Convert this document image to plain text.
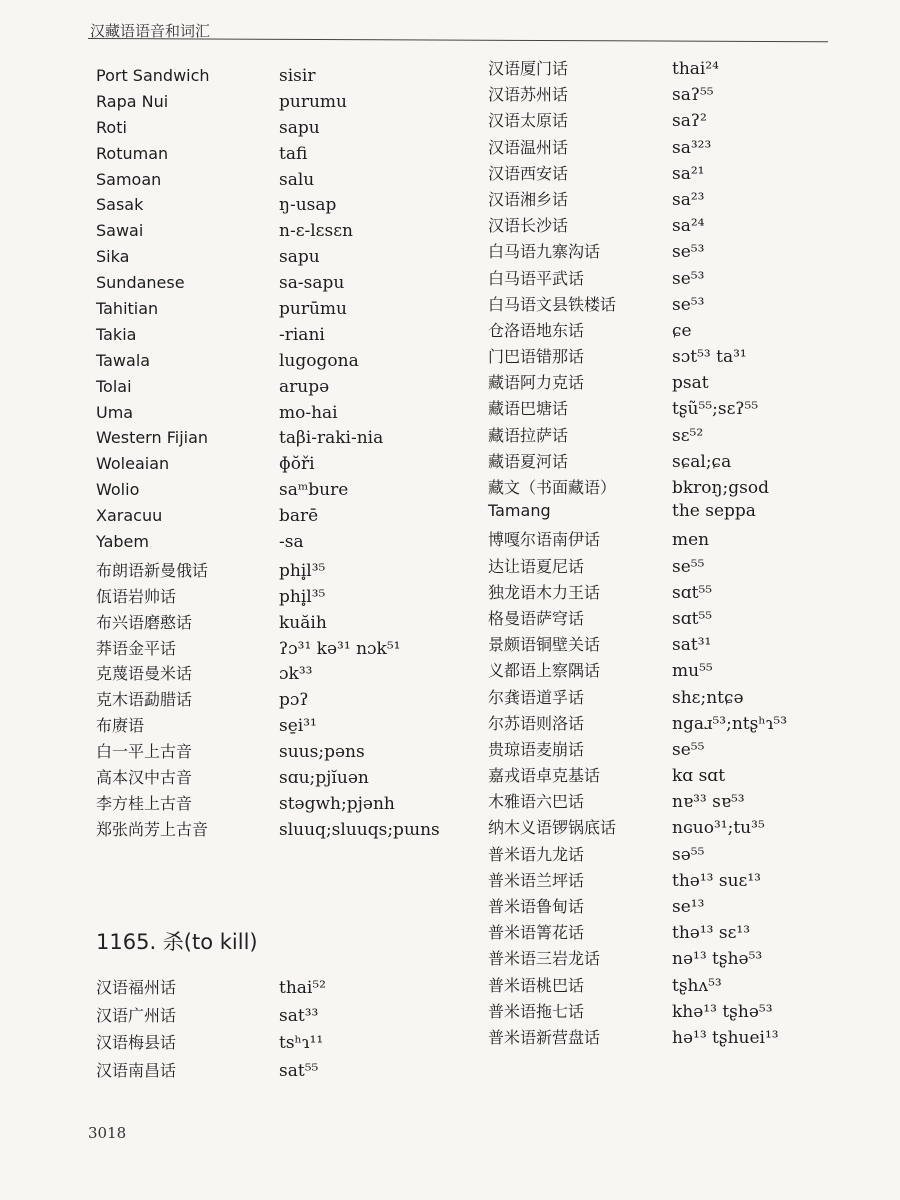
汉藏语语音和词汇
Port Sandwich	sisir
Rapa Nui	purumu
Roti	sapu
Rotuman	tafi
Samoan	salu
Sasak	ŋ-usap
Sawai	n-ɛ-lɛsɛn
Sika	sapu
Sundanese	sa-sapu
Tahitian	purūmu
Takia	-riani
Tawala	lugogona
Tolai	arupə
Uma	mo-hai
Western Fijian	taβi-raki-nia
Woleaian	ɸŏři
Wolio	saᵐbure
Xaracuu	barē
Yabem	-sa
布朗语新曼俄话	phi̥l³⁵
佤语岩帅话	phi̥l³⁵
布兴语磨憨话	kuăih
莽语金平话	ʔɔ³¹ kə³¹ nɔk⁵¹
克蔑语曼米话	ɔk³³
克木语勐腊话	pɔʔ
布赓语	se̱i³¹
白一平上古音	suus;pəns
高本汉中古音	sɑu;pjĭuən
李方桂上古音	stəgwh;pjənh
郑张尚芳上古音	sluuq;sluuqs;pɯns
1165. 杀(to kill)
汉语福州话	thai⁵²
汉语广州话	sat³³
汉语梅县话	tsʰɿ¹¹
汉语南昌话	sat⁵⁵
汉语厦门话	thai²⁴
汉语苏州话	saʔ⁵⁵
汉语太原话	saʔ²
汉语温州话	sa³²³
汉语西安话	sa²¹
汉语湘乡话	sa²³
汉语长沙话	sa²⁴
白马语九寨沟话	se⁵³
白马语平武话	se⁵³
白马语文县铁楼话	se⁵³
仓洛语地东话	ɕe
门巴语错那话	sɔt⁵³ ta³¹
藏语阿力克话	psat
藏语巴塘话	tʂũ⁵⁵;sɛʔ⁵⁵
藏语拉萨话	sɛ⁵²
藏语夏河话	sɕal;ɕa
藏文（书面藏语）	bkroŋ;gsod
Tamang	the seppa
博嘎尔语南伊话	men
达让语夏尼话	se⁵⁵
独龙语木力王话	sɑt⁵⁵
格曼语萨穹话	sɑt⁵⁵
景颇语铜壁关话	sat³¹
义都语上察隅话	mu⁵⁵
尔龚语道孚话	shɛ;ntɕə
尔苏语则洛话	ngaɹ⁵³;ntʂʰɿ⁵³
贵琼语麦崩话	se⁵⁵
嘉戎语卓克基话	kɑ sɑt
木雅语六巴话	nɐ³³ sɐ⁵³
纳木义语锣锅底话	nɢuo³¹;tu³⁵
普米语九龙话	sə⁵⁵
普米语兰坪话	thə¹³ suɛ¹³
普米语鲁甸话	se¹³
普米语箐花话	thə¹³ sɛ¹³
普米语三岩龙话	nə¹³ tʂhə⁵³
普米语桃巴话	tʂhʌ⁵³
普米语拖七话	khə¹³ tʂhə⁵³
普米语新营盘话	hə¹³ tʂhuei¹³
3018
